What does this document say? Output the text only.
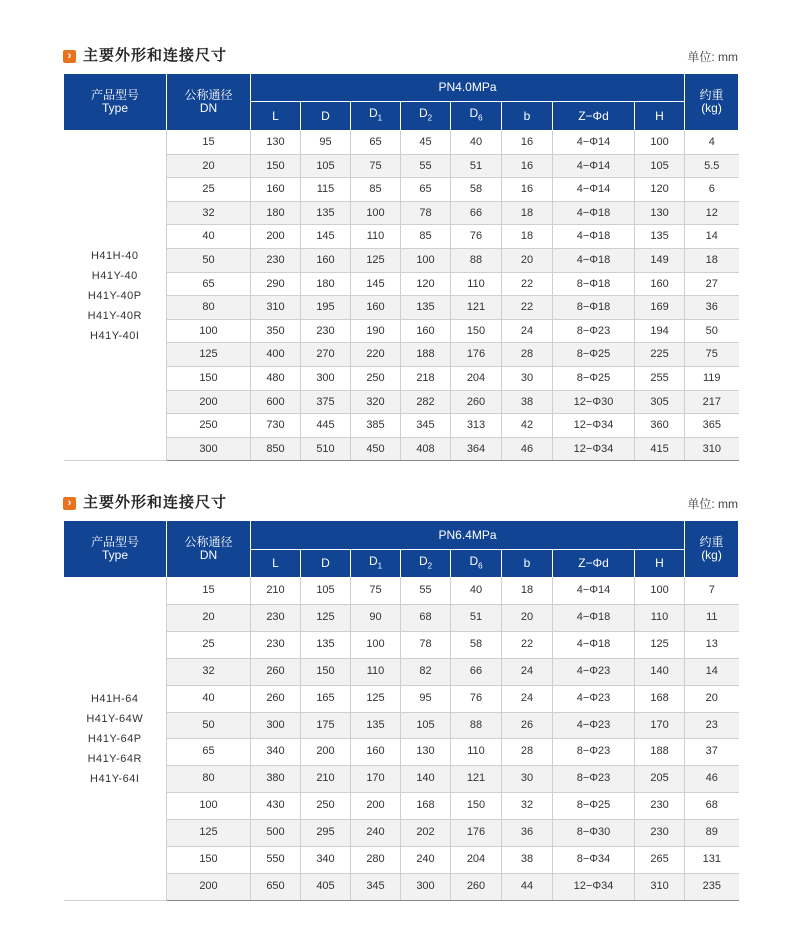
› 主要外形和连接尺寸	单位: mm
产品型号
Type	公称通径
DN	PN4.0MPa								约重
(kg)

		L	D	$D_1$	$D_2$	$D_6$	b	Z−Φd	H	

H41H-40
H41Y-40
H41Y-40P
H41Y-40R
H41Y-40I	15	130	95	65	45	40	16	4−Φ14	100	4
	20	150	105	75	55	51	16	4−Φ14	105	5.5
	25	160	115	85	65	58	16	4−Φ14	120	6
	32	180	135	100	78	66	18	4−Φ18	130	12
	40	200	145	110	85	76	18	4−Φ18	135	14
	50	230	160	125	100	88	20	4−Φ18	149	18
	65	290	180	145	120	110	22	8−Φ18	160	27
	80	310	195	160	135	121	22	8−Φ18	169	36
	100	350	230	190	160	150	24	8−Φ23	194	50
	125	400	270	220	188	176	28	8−Φ25	225	75
	150	480	300	250	218	204	30	8−Φ25	255	119
	200	600	375	320	282	260	38	12−Φ30	305	217
	250	730	445	385	345	313	42	12−Φ34	360	365
	300	850	510	450	408	364	46	12−Φ34	415	310
› 主要外形和连接尺寸	单位: mm
产品型号
Type	公称通径
DN	PN6.4MPa								约重
(kg)

		L	D	$D_1$	$D_2$	$D_6$	b	Z−Φd	H	

H41H-64
H41Y-64W
H41Y-64P
H41Y-64R
H41Y-64I	15	210	105	75	55	40	18	4−Φ14	100	7
	20	230	125	90	68	51	20	4−Φ18	110	11
	25	230	135	100	78	58	22	4−Φ18	125	13
	32	260	150	110	82	66	24	4−Φ23	140	14
	40	260	165	125	95	76	24	4−Φ23	168	20
	50	300	175	135	105	88	26	4−Φ23	170	23
	65	340	200	160	130	110	28	8−Φ23	188	37
	80	380	210	170	140	121	30	8−Φ23	205	46
	100	430	250	200	168	150	32	8−Φ25	230	68
	125	500	295	240	202	176	36	8−Φ30	230	89
	150	550	340	280	240	204	38	8−Φ34	265	131
	200	650	405	345	300	260	44	12−Φ34	310	235
